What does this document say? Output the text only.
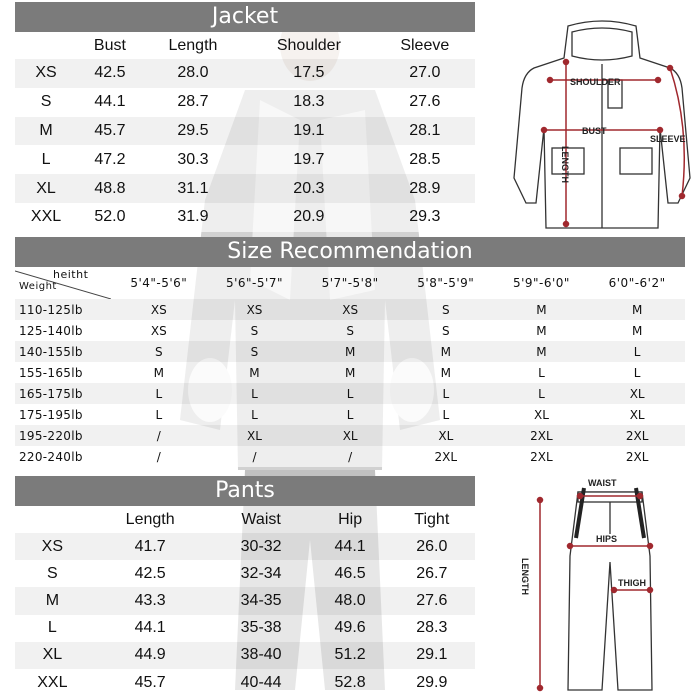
Jacket
	Bust	Length	Shoulder	Sleeve
XS	42.5	28.0	17.5	27.0
S	44.1	28.7	18.3	27.6
M	45.7	29.5	19.1	28.1
L	47.2	30.3	19.7	28.5
XL	48.8	31.1	20.3	28.9
XXL	52.0	31.9	20.9	29.3
Size Recommendation
heitht
Weight	5'4"-5'6"	5'6"-5'7"	5'7"-5'8"	5'8"-5'9"	5'9"-6'0"	6'0"-6'2"
110-125lb	XS	XS	XS	S	M	M
125-140lb	XS	S	S	S	M	M
140-155lb	S	S	M	M	M	L
155-165lb	M	M	M	M	L	L
165-175lb	L	L	L	L	L	XL
175-195lb	L	L	L	L	XL	XL
195-220lb	/	XL	XL	XL	2XL	2XL
220-240lb	/	/	/	2XL	2XL	2XL
Pants
	Length	Waist	Hip	Tight
XS	41.7	30-32	44.1	26.0
S	42.5	32-34	46.5	26.7
M	43.3	34-35	48.0	27.6
L	44.1	35-38	49.6	28.3
XL	44.9	38-40	51.2	29.1
XXL	45.7	40-44	52.8	29.9
SHOULDER
BUST
SLEEVE
LENGTH
WAIST
HIPS
THIGH
LENGTH
